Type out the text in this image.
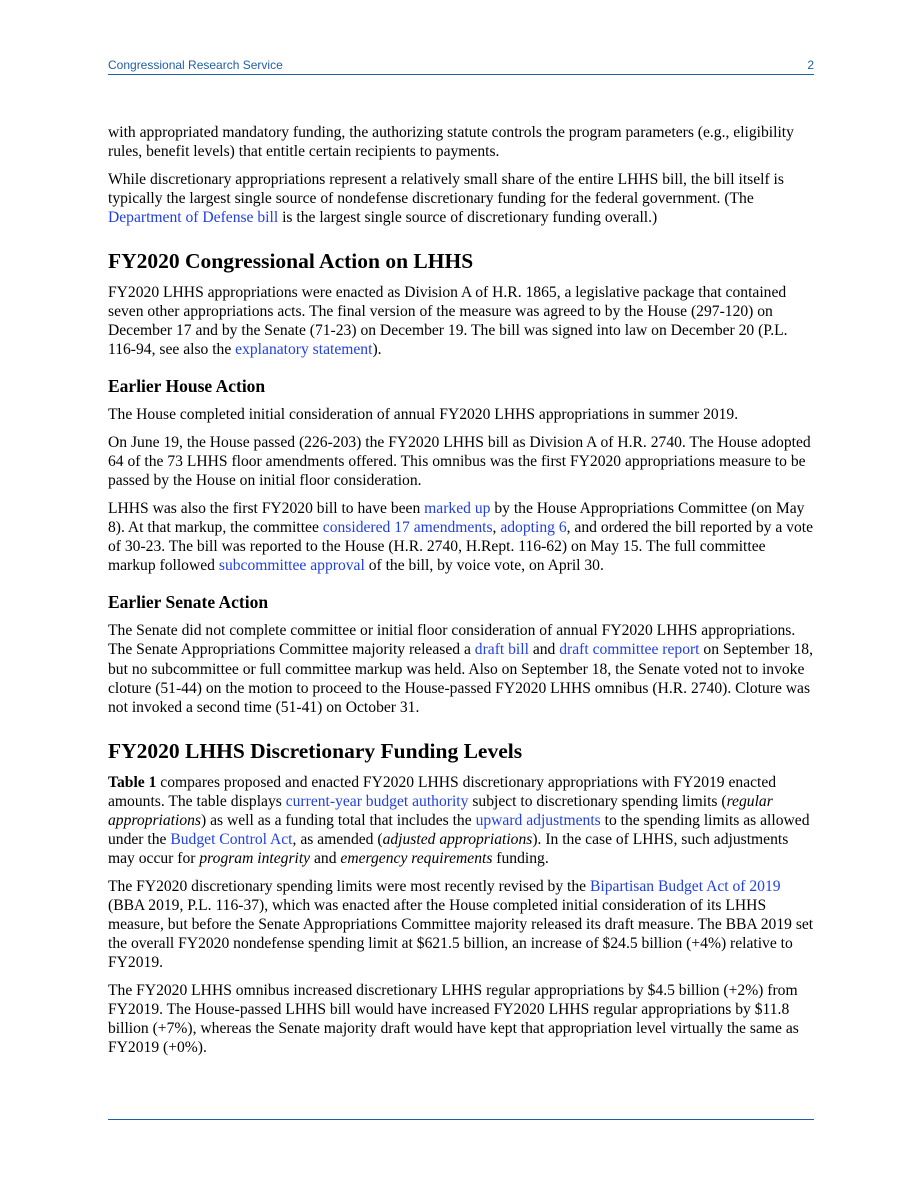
Congressional Research Service	2

with appropriated mandatory funding, the authorizing statute controls the program parameters (e.g., eligibility rules, benefit levels) that entitle certain recipients to payments.

While discretionary appropriations represent a relatively small share of the entire LHHS bill, the bill itself is typically the largest single source of nondefense discretionary funding for the federal government. (The Department of Defense bill is the largest single source of discretionary funding overall.)

FY2020 Congressional Action on LHHS

FY2020 LHHS appropriations were enacted as Division A of H.R. 1865, a legislative package that contained seven other appropriations acts. The final version of the measure was agreed to by the House (297-120) on December 17 and by the Senate (71-23) on December 19. The bill was signed into law on December 20 (P.L. 116-94, see also the explanatory statement).

Earlier House Action

The House completed initial consideration of annual FY2020 LHHS appropriations in summer 2019.

On June 19, the House passed (226-203) the FY2020 LHHS bill as Division A of H.R. 2740. The House adopted 64 of the 73 LHHS floor amendments offered. This omnibus was the first FY2020 appropriations measure to be passed by the House on initial floor consideration.

LHHS was also the first FY2020 bill to have been marked up by the House Appropriations Committee (on May 8). At that markup, the committee considered 17 amendments, adopting 6, and ordered the bill reported by a vote of 30-23. The bill was reported to the House (H.R. 2740, H.Rept. 116-62) on May 15. The full committee markup followed subcommittee approval of the bill, by voice vote, on April 30.

Earlier Senate Action

The Senate did not complete committee or initial floor consideration of annual FY2020 LHHS appropriations. The Senate Appropriations Committee majority released a draft bill and draft committee report on September 18, but no subcommittee or full committee markup was held. Also on September 18, the Senate voted not to invoke cloture (51-44) on the motion to proceed to the House-passed FY2020 LHHS omnibus (H.R. 2740). Cloture was not invoked a second time (51-41) on October 31.

FY2020 LHHS Discretionary Funding Levels

Table 1 compares proposed and enacted FY2020 LHHS discretionary appropriations with FY2019 enacted amounts. The table displays current-year budget authority subject to discretionary spending limits (regular appropriations) as well as a funding total that includes the upward adjustments to the spending limits as allowed under the Budget Control Act, as amended (adjusted appropriations). In the case of LHHS, such adjustments may occur for program integrity and emergency requirements funding.

The FY2020 discretionary spending limits were most recently revised by the Bipartisan Budget Act of 2019 (BBA 2019, P.L. 116-37), which was enacted after the House completed initial consideration of its LHHS measure, but before the Senate Appropriations Committee majority released its draft measure. The BBA 2019 set the overall FY2020 nondefense spending limit at $621.5 billion, an increase of $24.5 billion (+4%) relative to FY2019.

The FY2020 LHHS omnibus increased discretionary LHHS regular appropriations by $4.5 billion (+2%) from FY2019. The House-passed LHHS bill would have increased FY2020 LHHS regular appropriations by $11.8 billion (+7%), whereas the Senate majority draft would have kept that appropriation level virtually the same as FY2019 (+0%).
